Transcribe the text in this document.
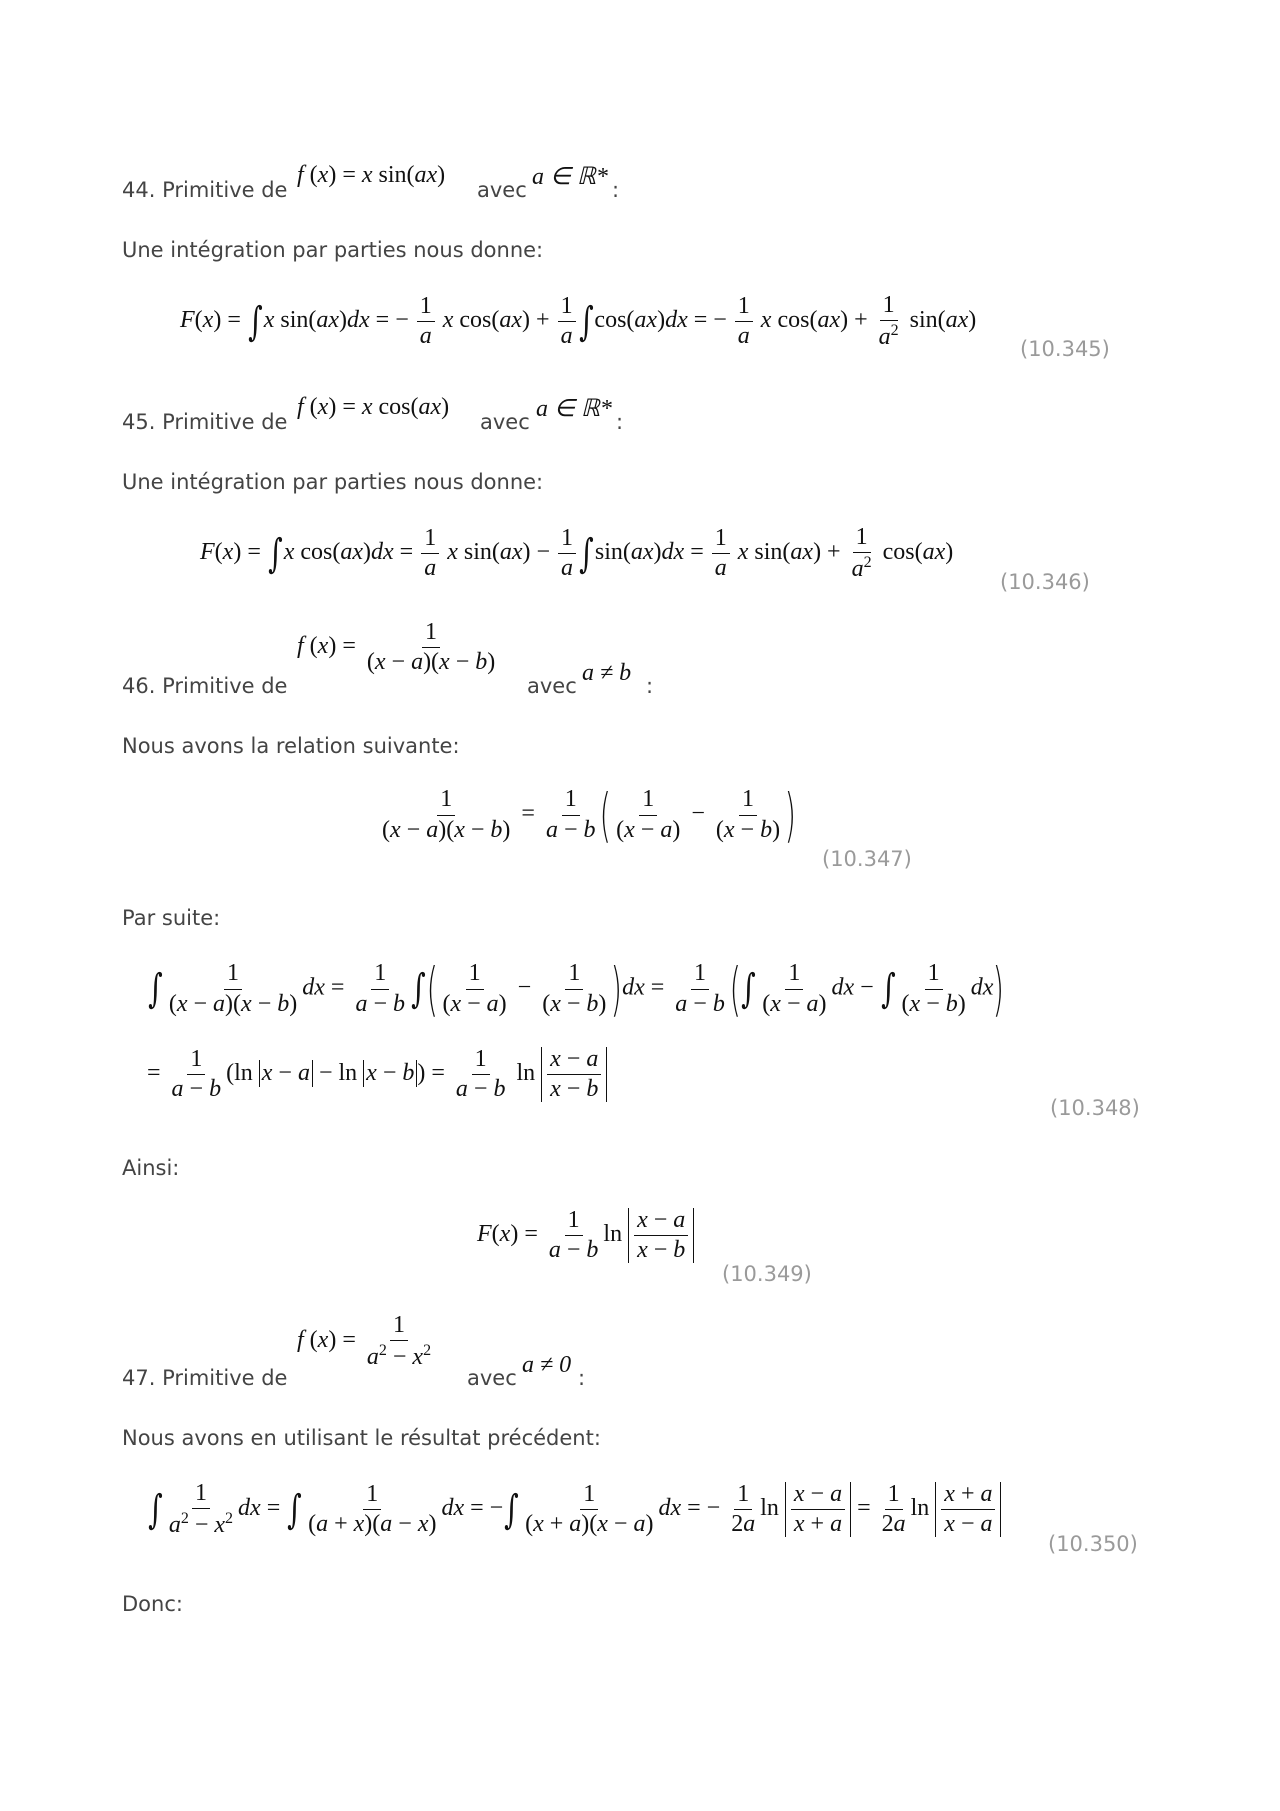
44. Primitive de
f (x) = x sin(ax)
avec a ∈ ℝ* :
Une intégration par parties nous donne:
F(x) = ∫x sin(ax)dx = − $\frac{1}{a}$ x $\cos(ax) + \frac{1}{a} \int\cos(ax)dx$ = − $\frac{1}{a}$ x $\cos(ax) + \frac{1}{a^2} \sin(ax)$
(10.345)
45. Primitive de
f (x) = x cos(ax)
avec a ∈ ℝ* :
Une intégration par parties nous donne:
F(x) = ∫x $\cos(ax)dx = \frac{1}{a}$ x $\sin(ax) - \frac{1}{a} \int\sin(ax)dx = \frac{1}{a}$ x $\sin(ax) + \frac{1}{a^2} \cos(ax)$
(10.346)
46. Primitive de
f $(x) = \frac{1}{(x - a)(x - b)}$
avec a ≠ b :
Nous avons la relation suivante:
$\frac{1}{(x - a)(x - b)} = \frac{1}{a - b}$ ( $\frac{1}{(x - a)} - \frac{1}{(x - b)}$ )
(10.347)
Par suite:
∫ $\frac{1}{(x - a)(x - b)}$ dx = $\frac{1}{a - b}$ ∫( $\frac{1}{(x - a)} - \frac{1}{(x - b)} )dx = \frac{1}{a - b}$ (∫ $\frac{1}{(x - a)}$ dx − ∫ $\frac{1}{(x - b)} dx$)
= $\frac{1}{a - b} (\ln$ x − a − ln x − b ) = $\frac{1}{a - b}$ $\ln \frac{x - a}{x - b}$
(10.348)
Ainsi:
$F(x) = \frac{1}{a - b}$ $\ln \frac{x - a}{x - b}$
(10.349)
47. Primitive de
f $(x) = \frac{1}{a^2 - x^2}$
avec a ≠ 0 :
Nous avons en utilisant le résultat précédent:
∫ $\frac{1}{a^2 - x^2}$ dx = ∫ $\frac{1}{(a + x)(a - x)}$ dx = −∫ $\frac{1}{(x + a)(x - a)}$ dx = − $\frac{1}{2a}$ $\ln \frac{x - a}{x + a} = \frac{1}{2a}$ $\ln \frac{x + a}{x - a}$
(10.350)
Donc:
